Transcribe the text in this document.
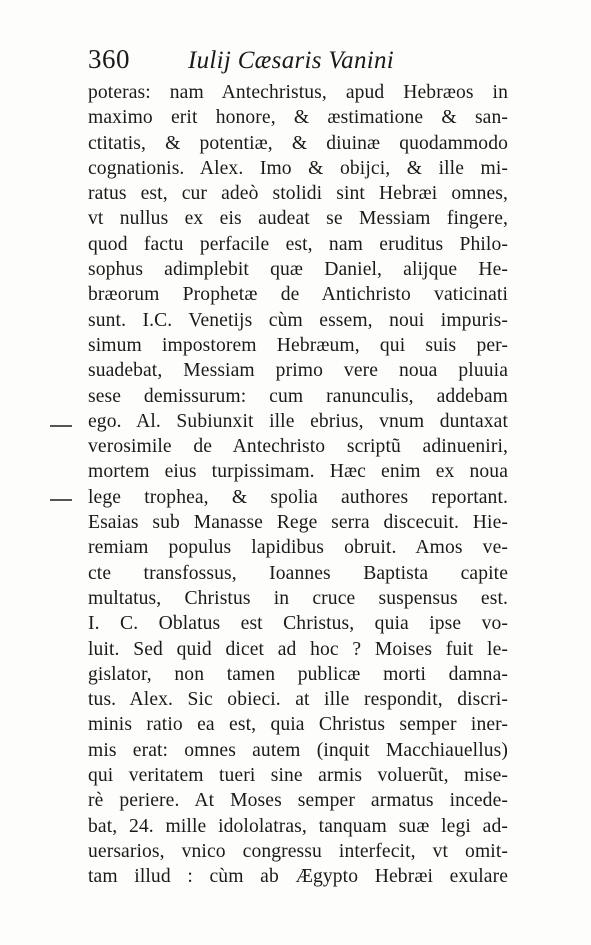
360 Iulij Cæsaris Vanini
poteras: nam Antechristus, apud Hebræos in
maximo erit honore, & æstimatione & san-
ctitatis, & potentiæ, & diuinæ quodammodo
cognationis. Alex. Imo & obijci, & ille mi-
ratus est, cur adeò stolidi sint Hebræi omnes,
vt nullus ex eis audeat se Messiam fingere,
quod factu perfacile est, nam eruditus Philo-
sophus adimplebit quæ Daniel, alijque He-
bræorum Prophetæ de Antichristo vaticinati
sunt. I.C. Venetijs cùm essem, noui impuris-
simum impostorem Hebræum, qui suis per-
suadebat, Messiam primo vere noua pluuia
sese demissurum: cum ranunculis, addebam
ego. Al. Subiunxit ille ebrius, vnum duntaxat
verosimile de Antechristo scriptũ adinueniri,
mortem eius turpissimam. Hæc enim ex noua
lege trophea, & spolia authores reportant.
Esaias sub Manasse Rege serra discecuit. Hie-
remiam populus lapidibus obruit. Amos ve-
cte transfossus, Ioannes Baptista capite
multatus, Christus in cruce suspensus est.
I. C. Oblatus est Christus, quia ipse vo-
luit. Sed quid dicet ad hoc ? Moises fuit le-
gislator, non tamen publicæ morti damna-
tus. Alex. Sic obieci. at ille respondit, discri-
minis ratio ea est, quia Christus semper iner-
mis erat: omnes autem (inquit Macchiauellus)
qui veritatem tueri sine armis voluerũt, mise-
rè periere. At Moses semper armatus incede-
bat, 24. mille idololatras, tanquam suæ legi ad-
uersarios, vnico congressu interfecit, vt omit-
tam illud : cùm ab Ægypto Hebræi exulare
